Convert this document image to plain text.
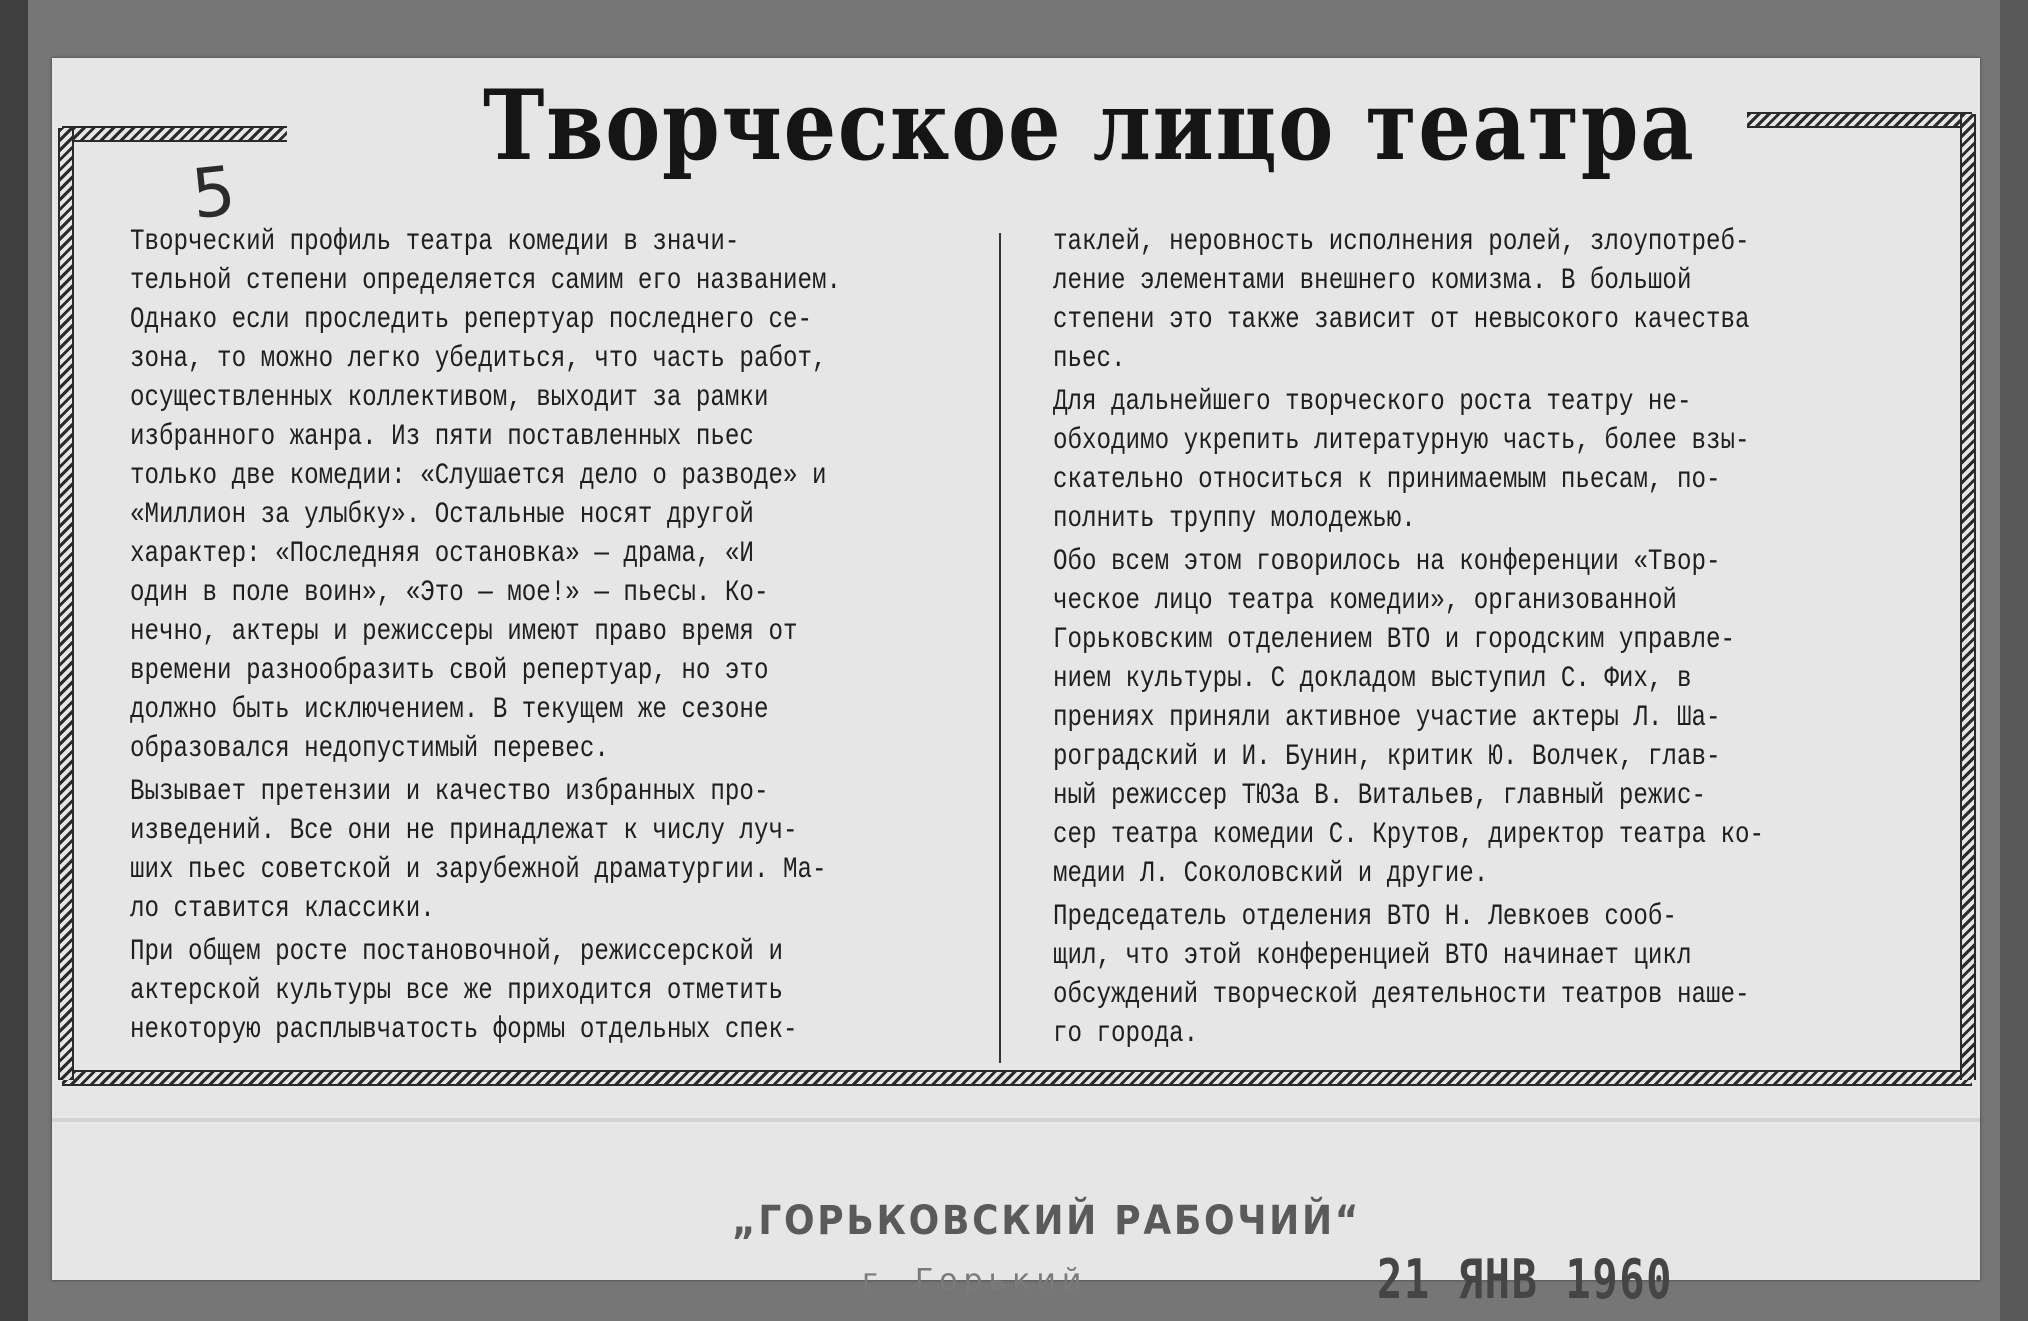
Творческое лицо театра
5

Творческий профиль театра комедии в значи-
тельной степени определяется самим его названием.
Однако если проследить репертуар последнего се-
зона, то можно легко убедиться, что часть работ,
осуществленных коллективом, выходит за рамки
избранного жанра. Из пяти поставленных пьес
только две комедии: «Слушается дело о разводе» и
«Миллион за улыбку». Остальные носят другой
характер: «Последняя остановка» — драма, «И
один в поле воин», «Это — мое!» — пьесы. Ко-
нечно, актеры и режиссеры имеют право время от
времени разнообразить свой репертуар, но это
должно быть исключением. В текущем же сезоне
образовался недопустимый перевес.

Вызывает претензии и качество избранных про-
изведений. Все они не принадлежат к числу луч-
ших пьес советской и зарубежной драматургии. Ма-
ло ставится классики.

При общем росте постановочной, режиссерской и
актерской культуры все же приходится отметить
некоторую расплывчатость формы отдельных спек-

таклей, неровность исполнения ролей, злоупотреб-
ление элементами внешнего комизма. В большой
степени это также зависит от невысокого качества
пьес.

Для дальнейшего творческого роста театру не-
обходимо укрепить литературную часть, более взы-
скательно относиться к принимаемым пьесам, по-
полнить труппу молодежью.

Обо всем этом говорилось на конференции «Твор-
ческое лицо театра комедии», организованной
Горьковским отделением ВТО и городским управле-
нием культуры. С докладом выступил С. Фих, в
прениях приняли активное участие актеры Л. Ша-
роградский и И. Бунин, критик Ю. Волчек, глав-
ный режиссер ТЮЗа В. Витальев, главный режис-
сер театра комедии С. Крутов, директор театра ко-
медии Л. Соколовский и другие.

Председатель отделения ВТО Н. Левкоев сооб-
щил, что этой конференцией ВТО начинает цикл
обсуждений творческой деятельности театров наше-
го города.

„ГОРЬКОВСКИЙ РАБОЧИЙ“
г. Горький	21 ЯНВ 1960
